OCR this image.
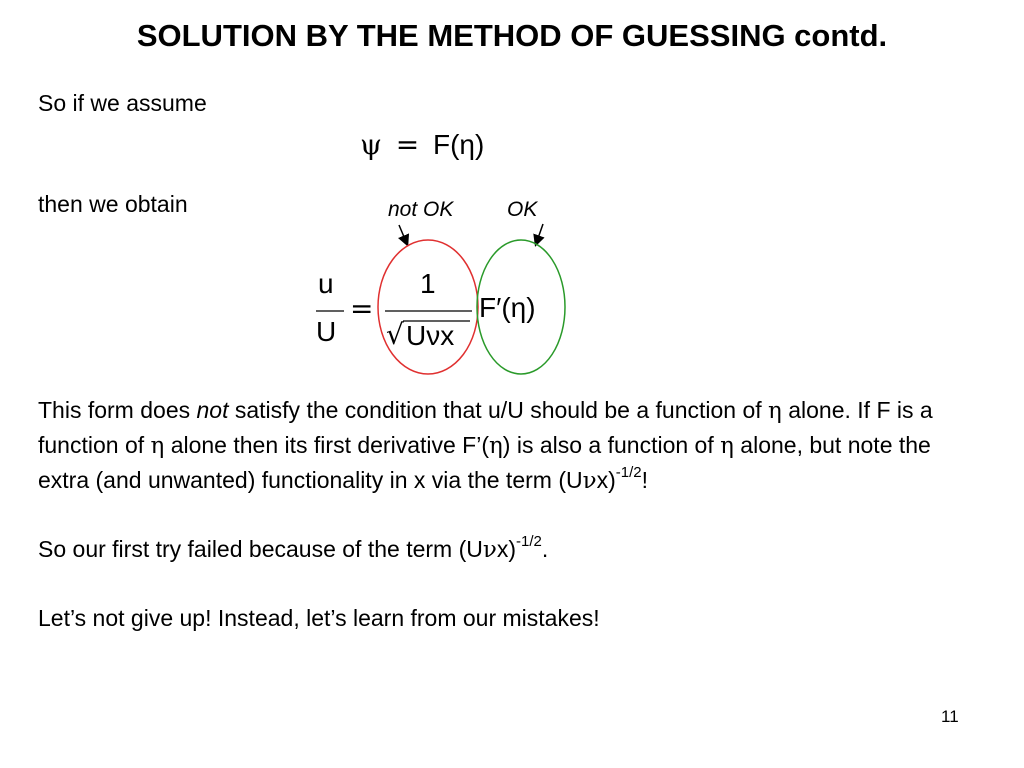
SOLUTION BY THE METHOD OF GUESSING contd.
So if we assume
ψ = F(η)
then we obtain	not OK	OK
u
U
=
1
√ Uνx
F′(η)

This form does not satisfy the condition that u/U should be a function of η alone. If F is a function of η alone then its first derivative F’(η) is also a function of η alone, but note the extra (and unwanted) functionality in x via the term $(U\nu x)^{-1/2}$!

So our first try failed because of the term $(U\nu x)^{-1/2}$.

Let’s not give up! Instead, let’s learn from our mistakes!

11
